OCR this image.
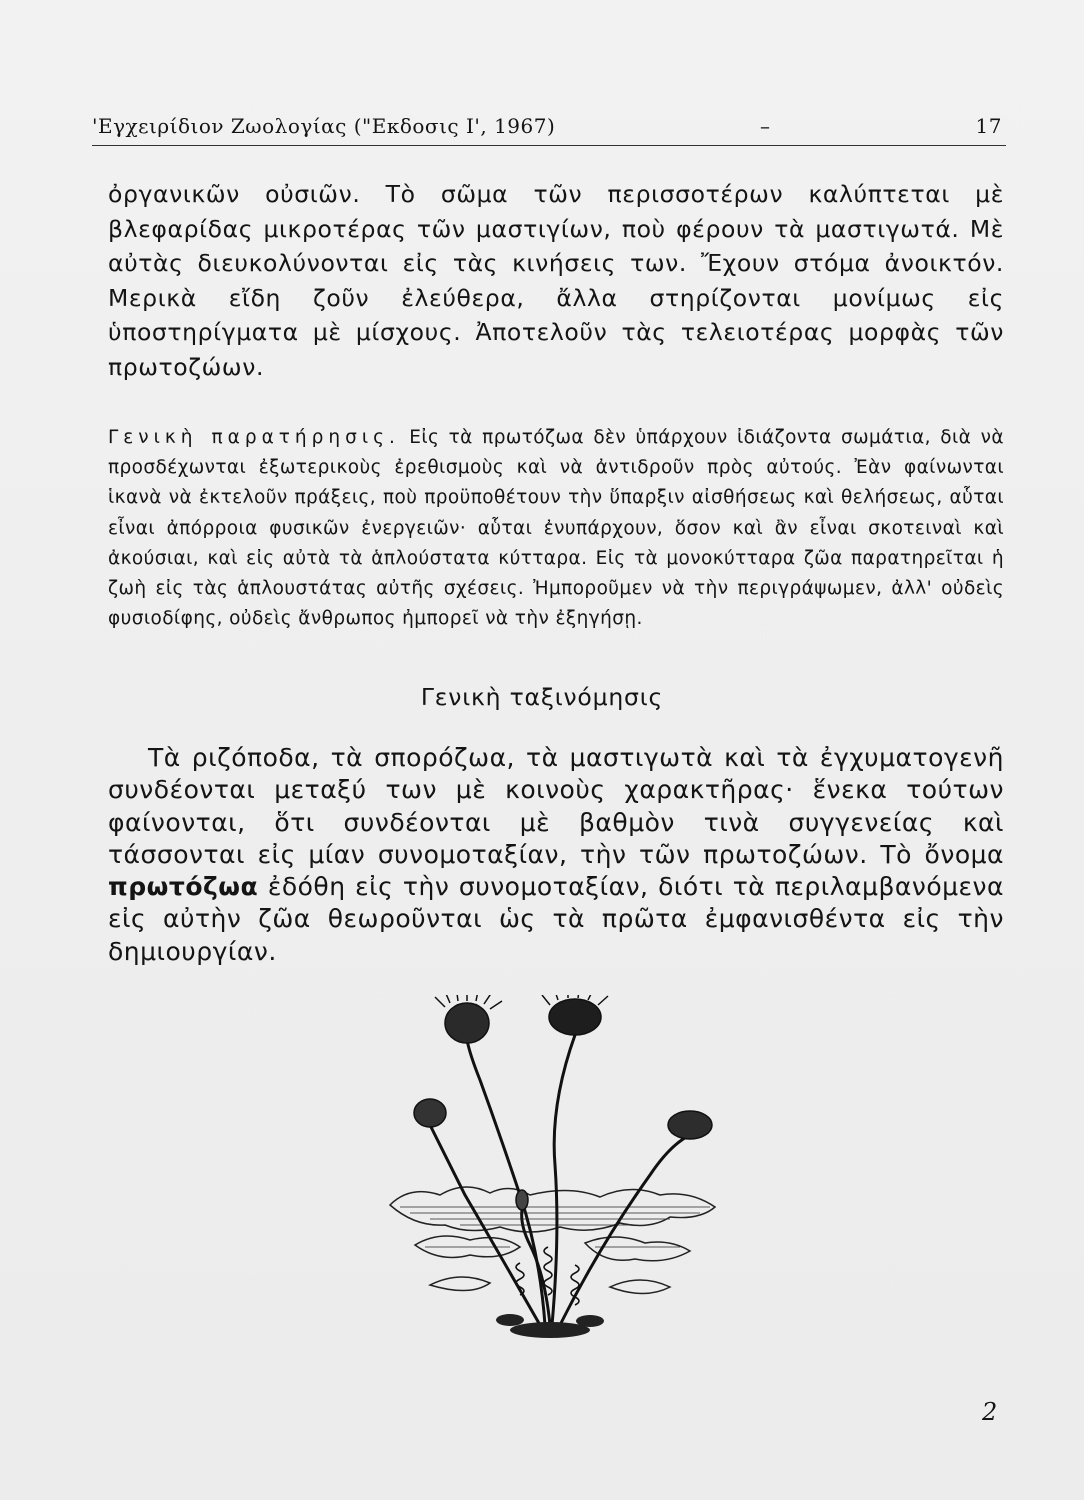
'Εγχειρίδιον Ζωολογίας ("Εκδοσις Ι', 1967)	–	17
ὀργανικῶν οὐσιῶν. Τὸ σῶμα τῶν περισσοτέρων καλύπτεται μὲ βλεφαρίδας μικροτέρας τῶν μαστιγίων, ποὺ φέρουν τὰ μαστιγωτά. Μὲ αὐτὰς διευκολύνονται εἰς τὰς κινήσεις των. Ἔχουν στόμα ἀνοικτόν. Μερικὰ εἴδη ζοῦν ἐλεύθερα, ἄλλα στηρίζονται μονίμως εἰς ὑποστηρίγματα μὲ μίσχους. Ἀποτελοῦν τὰς τελειοτέρας μορφὰς τῶν πρωτοζώων.
Γενικὴ παρατήρησις. Εἰς τὰ πρωτόζωα δὲν ὑπάρχουν ἰδιάζοντα σωμάτια, διὰ νὰ προσδέχωνται ἐξωτερικοὺς ἐρεθισμοὺς καὶ νὰ ἀντιδροῦν πρὸς αὐτούς. Ἐὰν φαίνωνται ἱκανὰ νὰ ἐκτελοῦν πράξεις, ποὺ προϋποθέτουν τὴν ὕπαρξιν αἰσθήσεως καὶ θελήσεως, αὗται εἶναι ἀπόρροια φυσικῶν ἐνεργειῶν· αὗται ἐνυπάρχουν, ὅσον καὶ ἂν εἶναι σκοτειναὶ καὶ ἀκούσιαι, καὶ εἰς αὐτὰ τὰ ἁπλούστατα κύτταρα. Εἰς τὰ μονοκύτταρα ζῶα παρατηρεῖται ἡ ζωὴ εἰς τὰς ἁπλουστάτας αὐτῆς σχέσεις. Ἠμποροῦμεν νὰ τὴν περιγράψωμεν, ἀλλ' οὐδεὶς φυσιοδίφης, οὐδεὶς ἄνθρωπος ἠμπορεῖ νὰ τὴν ἐξηγήσῃ.
Γενικὴ ταξινόμησις
Τὰ ριζόποδα, τὰ σπορόζωα, τὰ μαστιγωτὰ καὶ τὰ ἐγχυματογενῆ συνδέονται μεταξύ των μὲ κοινοὺς χαρακτῆρας· ἕνεκα τούτων φαίνονται, ὅτι συνδέονται μὲ βαθμὸν τινὰ συγγενείας καὶ τάσσονται εἰς μίαν συνομοταξίαν, τὴν τῶν πρωτοζώων. Τὸ ὄνομα πρωτόζωα ἐδόθη εἰς τὴν συνομοταξίαν, διότι τὰ περιλαμβανόμενα εἰς αὐτὴν ζῶα θεωροῦνται ὡς τὰ πρῶτα ἐμφανισθέντα εἰς τὴν δημιουργίαν.
2
